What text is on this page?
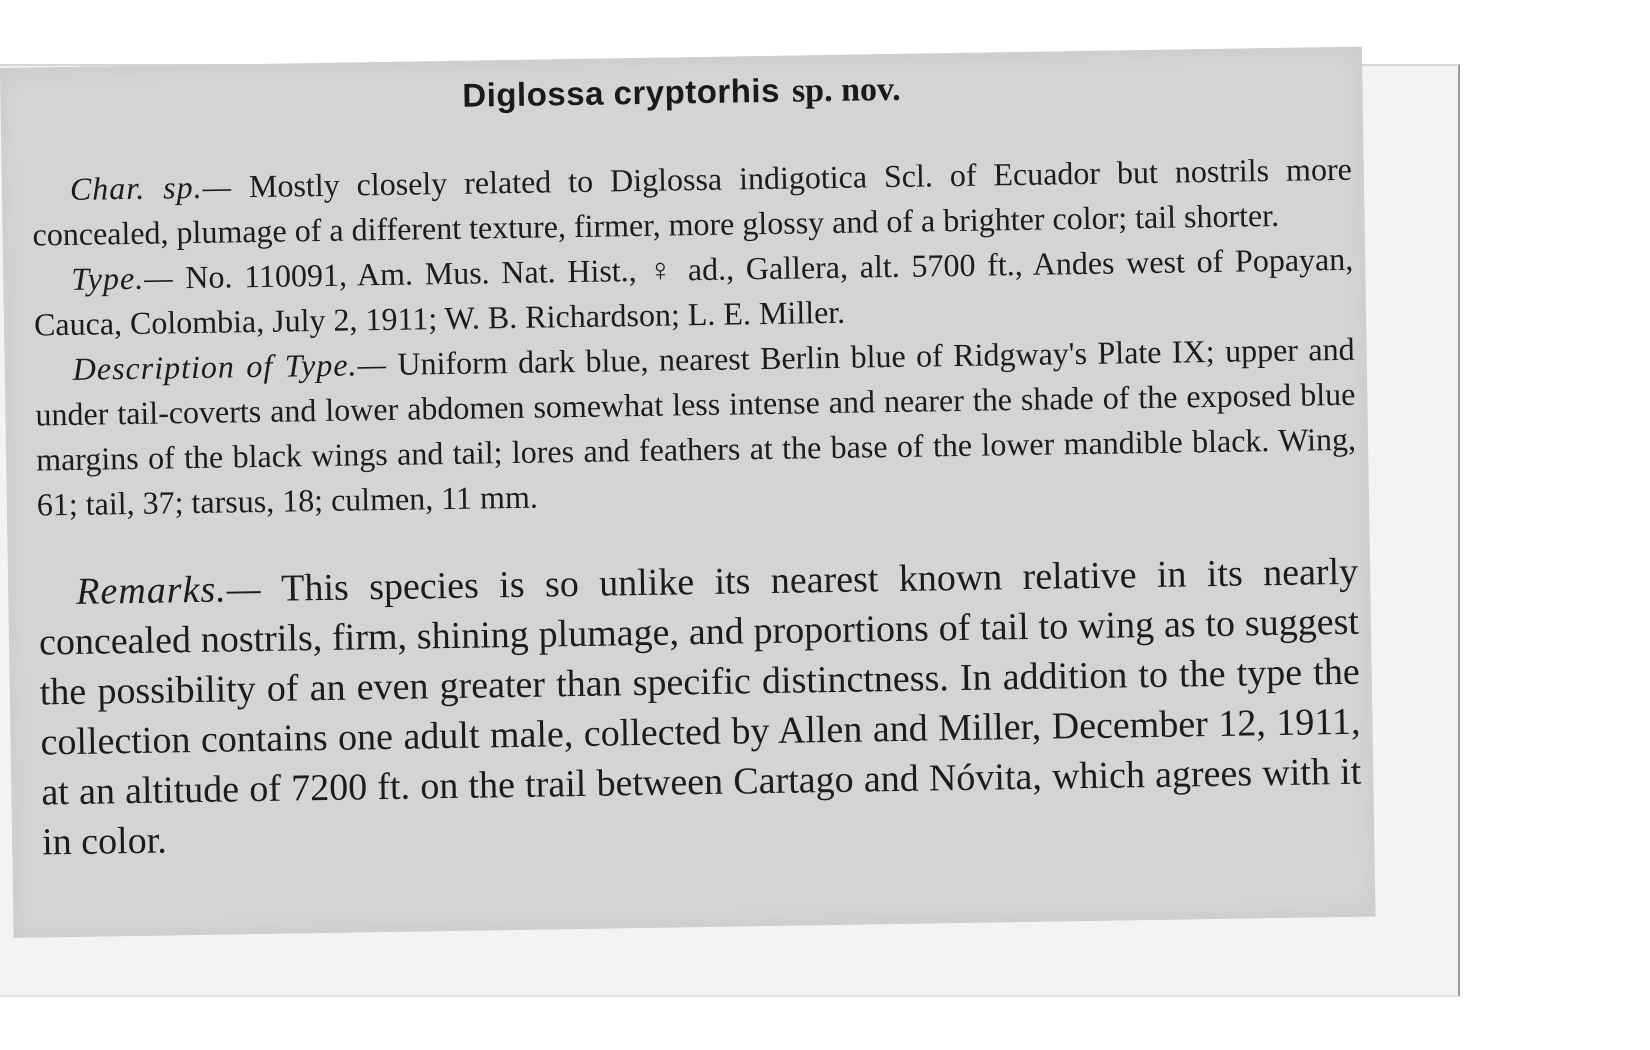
Diglossa cryptorhis sp. nov.

Char. sp.— Mostly closely related to Diglossa indigotica Scl. of Ecuador but nostrils more concealed, plumage of a different texture, firmer, more glossy and of a brighter color; tail shorter.

Type.— No. 110091, Am. Mus. Nat. Hist., ♀ ad., Gallera, alt. 5700 ft., Andes west of Popayan, Cauca, Colombia, July 2, 1911; W. B. Richardson; L. E. Miller.

Description of Type.— Uniform dark blue, nearest Berlin blue of Ridgway's Plate IX; upper and under tail-coverts and lower abdomen somewhat less intense and nearer the shade of the exposed blue margins of the black wings and tail; lores and feathers at the base of the lower mandible black. Wing, 61; tail, 37; tarsus, 18; culmen, 11 mm.

Remarks.— This species is so unlike its nearest known relative in its nearly concealed nostrils, firm, shining plumage, and proportions of tail to wing as to suggest the possibility of an even greater than specific distinctness. In addition to the type the collection contains one adult male, collected by Allen and Miller, December 12, 1911, at an altitude of 7200 ft. on the trail between Cartago and Nóvita, which agrees with it in color.
